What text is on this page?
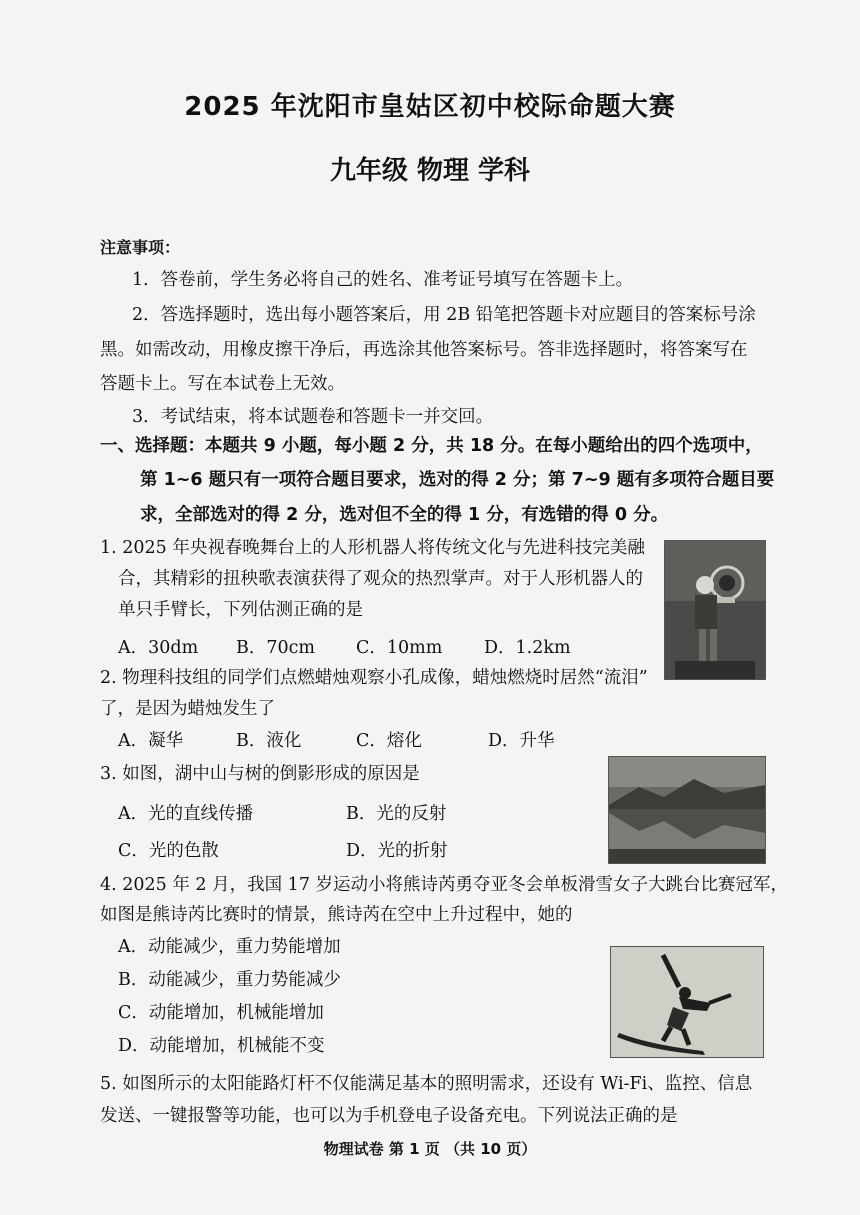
2025 年沈阳市皇姑区初中校际命题大赛
九年级 物理 学科
注意事项：
1．答卷前，学生务必将自己的姓名、准考证号填写在答题卡上。
2．答选择题时，选出每小题答案后，用 2B 铅笔把答题卡对应题目的答案标号涂
黑。如需改动，用橡皮擦干净后，再选涂其他答案标号。答非选择题时，将答案写在
答题卡上。写在本试卷上无效。
3．考试结束，将本试题卷和答题卡一并交回。
一、选择题：本题共 9 小题，每小题 2 分，共 18 分。在每小题给出的四个选项中，
第 1~6 题只有一项符合题目要求，选对的得 2 分；第 7~9 题有多项符合题目要
求，全部选对的得 2 分，选对但不全的得 1 分，有选错的得 0 分。
1. 2025 年央视春晚舞台上的人形机器人将传统文化与先进科技完美融
合，其精彩的扭秧歌表演获得了观众的热烈掌声。对于人形机器人的
单只手臂长，下列估测正确的是
A．30dm B．70cm C．10mm D．1.2km
2. 物理科技组的同学们点燃蜡烛观察小孔成像，蜡烛燃烧时居然“流泪”
了，是因为蜡烛发生了
A．凝华	B．液化	C．熔化	D．升华
3. 如图，湖中山与树的倒影形成的原因是
A．光的直线传播	B．光的反射
C．光的色散	D．光的折射
4. 2025 年 2 月，我国 17 岁运动小将熊诗芮勇夺亚冬会单板滑雪女子大跳台比赛冠军，
如图是熊诗芮比赛时的情景，熊诗芮在空中上升过程中，她的
A．动能减少，重力势能增加
B．动能减少，重力势能减少
C．动能增加，机械能增加
D．动能增加，机械能不变
5. 如图所示的太阳能路灯杆不仅能满足基本的照明需求，还设有 Wi-Fi、监控、信息
发送、一键报警等功能，也可以为手机登电子设备充电。下列说法正确的是
物理试卷 第 1 页 （共 10 页）
